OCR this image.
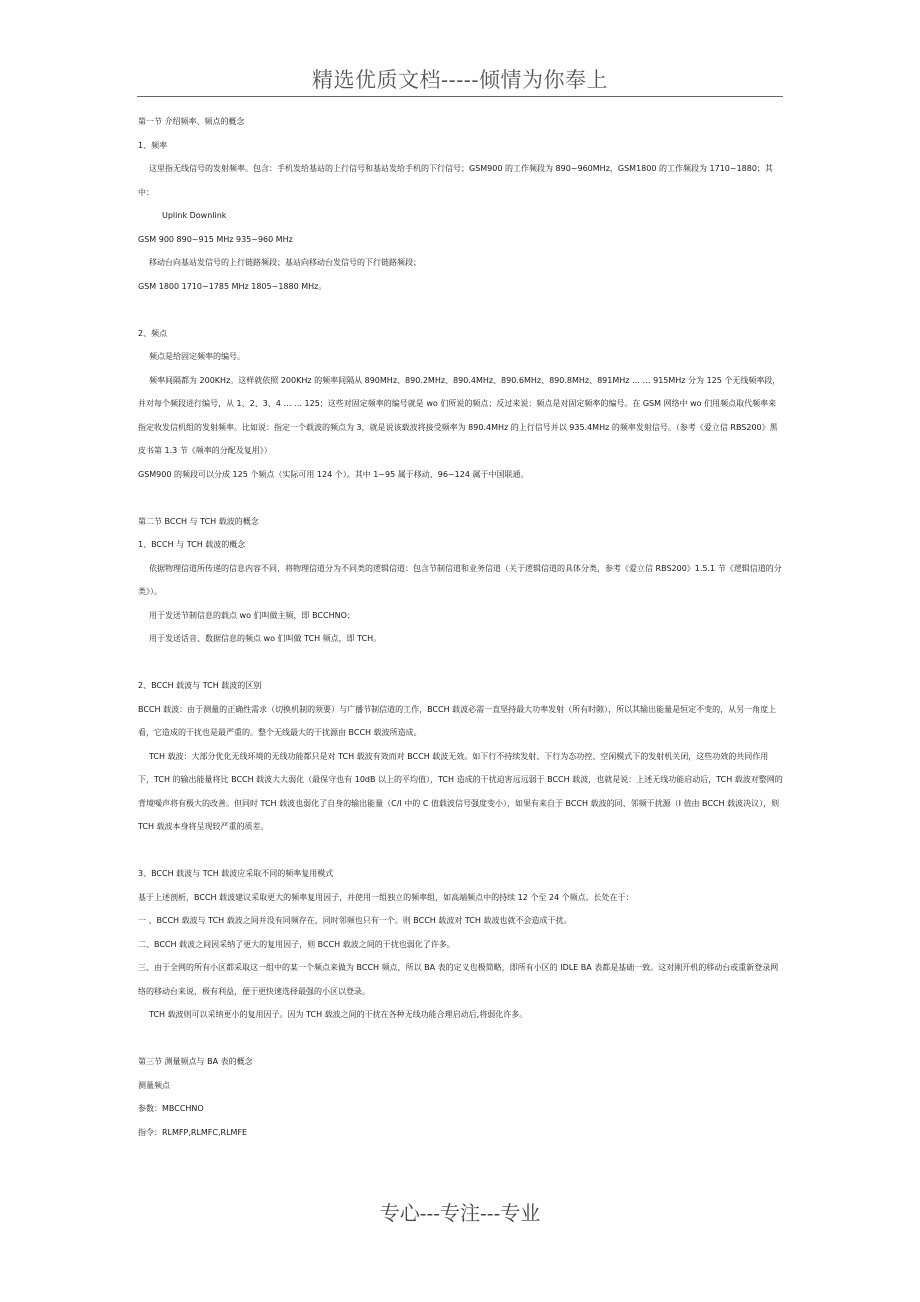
精选优质文档-----倾情为你奉上

第一节 介绍频率、频点的概念

1、频率

这里指无线信号的发射频率。包含：手机发给基站的上行信号和基站发给手机的下行信号；GSM900 的工作频段为 890~960MHz，GSM1800 的工作频段为 1710~1880；其中：

Uplink Downlink

GSM 900 890~915 MHz 935~960 MHz

移动台向基站发信号的上行链路频段；基站向移动台发信号的下行链路频段；

GSM 1800 1710~1785 MHz 1805~1880 MHz。

2、频点

频点是给固定频率的编号。

频率间隔都为 200KHz。这样就依照 200KHz 的频率间隔从 890MHz、890.2MHz、890.4MHz、890.6MHz、890.8MHz、891MHz … … 915MHz 分为 125 个无线频率段，并对每个频段进行编号，从 1、2、3、4 … … 125；这些对固定频率的编号就是 wo 们所说的频点；反过来说：频点是对固定频率的编号。在 GSM 网络中 wo 们用频点取代频率来指定收发信机组的发射频率。比如说：指定一个载波的频点为 3，就是说该载波将接受频率为 890.4MHz 的上行信号并以 935.4MHz 的频率发射信号。（参考《爱立信 RBS200》黑皮书第 1.3 节《频率的分配及复用》）

GSM900 的频段可以分成 125 个频点（实际可用 124 个）。其中 1~95 属于移动、96~124 属于中国联通。

第二节 BCCH 与 TCH 载波的概念

1、BCCH 与 TCH 载波的概念

依据物理信道所传递的信息内容不同，将物理信道分为不同类的逻辑信道：包含节制信道和业务信道（关于逻辑信道的具体分类，参考《爱立信 RBS200》1.5.1 节《逻辑信道的分类》）。

用于发送节制信息的载点 wo 们叫做主频，即 BCCHNO；

用于发送话音、数据信息的频点 wo 们叫做 TCH 频点，即 TCH。

2、BCCH 载波与 TCH 载波的区别

BCCH 载波：由于测量的正确性需求（切换机制的须要）与广播节制信道的工作，BCCH 载波必需一直坚持最大功率发射（所有时隙），所以其输出能量是恒定不变的，从另一角度上看，它造成的干扰也是最严重的。整个无线最大的干扰源由 BCCH 载波所造成。

TCH 载波：大部分优化无线环境的无线功能都只是对 TCH 载波有效而对 BCCH 载波无效。如下行不持续发射、下行为态功控、空闲模式下的发射机关闭，这些功效的共同作用下，TCH 的输出能量将比 BCCH 载波大大弱化（最保守也有 10dB 以上的平均值），TCH 造成的干扰迫害远远弱于 BCCH 载波，也就是说：上述无线功能启动后，TCH 载波对整网的背境噪声将有极大的改善。但同时 TCH 载波也弱化了自身的输出能量（C/I 中的 C 值载波信号强度变小），如果有来自于 BCCH 载波的同、邻频干扰源（I 值由 BCCH 载波决议），则 TCH 载波本身将呈现较严重的质差。

3、BCCH 载波与 TCH 载波应采取不同的频率复用模式

基于上述剖析，BCCH 载波建议采取更大的频率复用因子，并使用一组独立的频率组，如高端频点中的持续 12 个至 24 个频点。长处在于：

一 、BCCH 载波与 TCH 载波之间并没有同频存在，同时邻频也只有一个。则 BCCH 载波对 TCH 载波也就不会造成干扰。

二、BCCH 载波之间因采纳了更大的复用因子，则 BCCH 载波之间的干扰也弱化了许多。

三、由于全网的所有小区都采取这一组中的某一个频点来做为 BCCH 频点，所以 BA 表的定义也极简略，即所有小区的 IDLE BA 表都是基础一致。这对刚开机的移动台或重新登录网络的移动台来说，极有利益，便于更快速选择最强的小区以登录。

TCH 载波则可以采纳更小的复用因子。因为 TCH 载波之间的干扰在各种无线功能合理启动后,将弱化许多。

第三节 测量频点与 BA 表的概念

测量频点

参数：MBCCHNO

指令：RLMFP,RLMFC,RLMFE

专心---专注---专业
